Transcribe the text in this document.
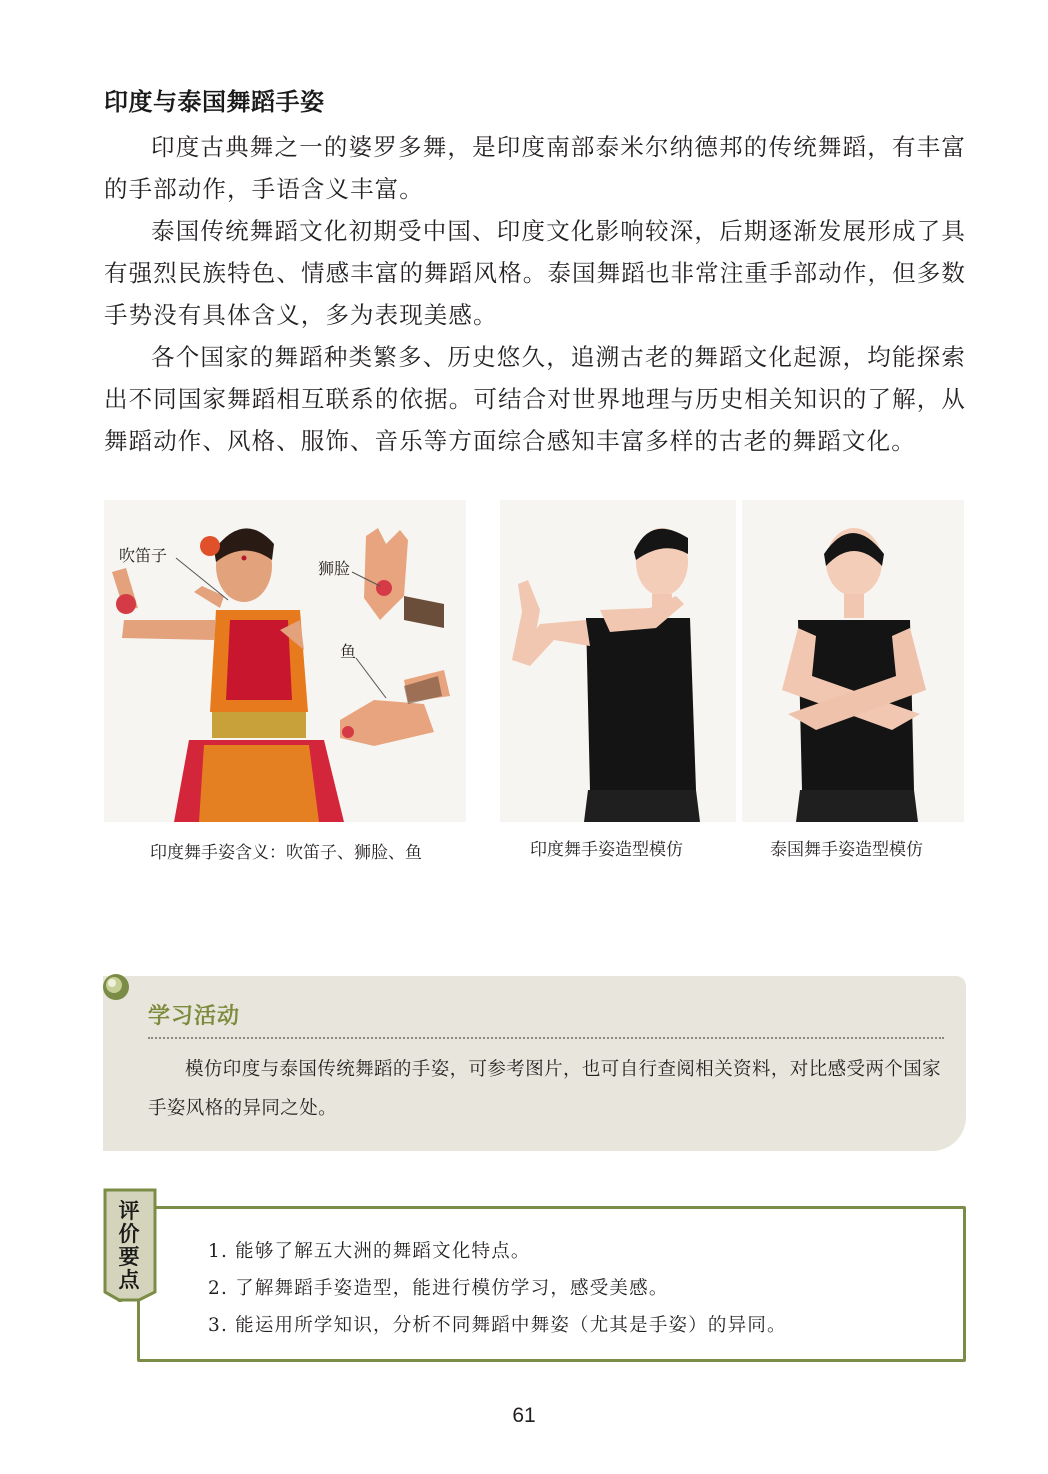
印度与泰国舞蹈手姿

印度古典舞之一的婆罗多舞，是印度南部泰米尔纳德邦的传统舞蹈，有丰富的手部动作，手语含义丰富。

泰国传统舞蹈文化初期受中国、印度文化影响较深，后期逐渐发展形成了具有强烈民族特色、情感丰富的舞蹈风格。泰国舞蹈也非常注重手部动作，但多数手势没有具体含义，多为表现美感。

各个国家的舞蹈种类繁多、历史悠久，追溯古老的舞蹈文化起源，均能探索出不同国家舞蹈相互联系的依据。可结合对世界地理与历史相关知识的了解，从舞蹈动作、风格、服饰、音乐等方面综合感知丰富多样的古老的舞蹈文化。

吹笛子
狮脸
鱼
印度舞手姿含义：吹笛子、狮脸、鱼	印度舞手姿造型模仿	泰国舞手姿造型模仿
学习活动

模仿印度与泰国传统舞蹈的手姿，可参考图片，也可自行查阅相关资料，对比感受两个国家手姿风格的异同之处。

评价要点
1. 能够了解五大洲的舞蹈文化特点。
2. 了解舞蹈手姿造型，能进行模仿学习，感受美感。
3. 能运用所学知识，分析不同舞蹈中舞姿（尤其是手姿）的异同。
61
